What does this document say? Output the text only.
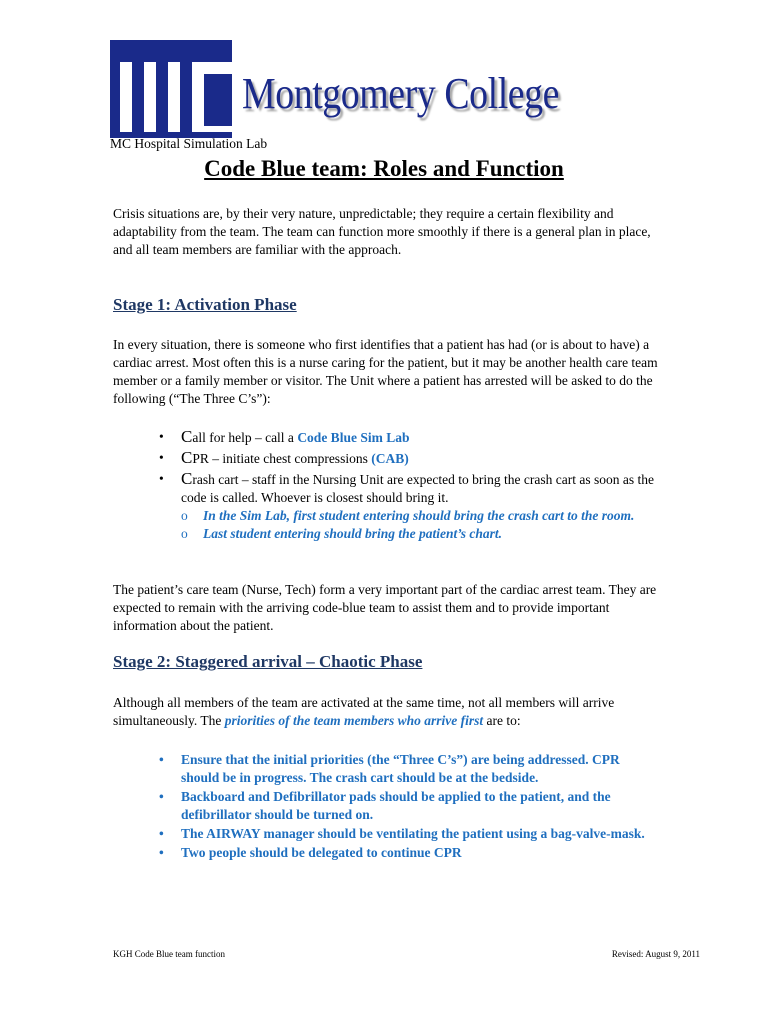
Montgomery College
MC Hospital Simulation Lab
Code Blue team: Roles and Function
Crisis situations are, by their very nature, unpredictable; they require a certain flexibility and adaptability from the team. The team can function more smoothly if there is a general plan in place, and all team members are familiar with the approach.
Stage 1: Activation Phase
In every situation, there is someone who first identifies that a patient has had (or is about to have) a cardiac arrest. Most often this is a nurse caring for the patient, but it may be another health care team member or a family member or visitor. The Unit where a patient has arrested will be asked to do the following (“The Three C’s”):
• Call for help – call a Code Blue Sim Lab
• CPR – initiate chest compressions (CAB)
• Crash cart – staff in the Nursing Unit are expected to bring the crash cart as soon as the code is called. Whoever is closest should bring it.
o In the Sim Lab, first student entering should bring the crash cart to the room.
o Last student entering should bring the patient’s chart.
The patient’s care team (Nurse, Tech) form a very important part of the cardiac arrest team. They are expected to remain with the arriving code-blue team to assist them and to provide important information about the patient.
Stage 2: Staggered arrival – Chaotic Phase
Although all members of the team are activated at the same time, not all members will arrive simultaneously. The priorities of the team members who arrive first are to:
• Ensure that the initial priorities (the “Three C’s”) are being addressed. CPR should be in progress. The crash cart should be at the bedside.
• Backboard and Defibrillator pads should be applied to the patient, and the defibrillator should be turned on.
• The AIRWAY manager should be ventilating the patient using a bag-valve-mask.
• Two people should be delegated to continue CPR
KGH Code Blue team function	Revised: August 9, 2011
